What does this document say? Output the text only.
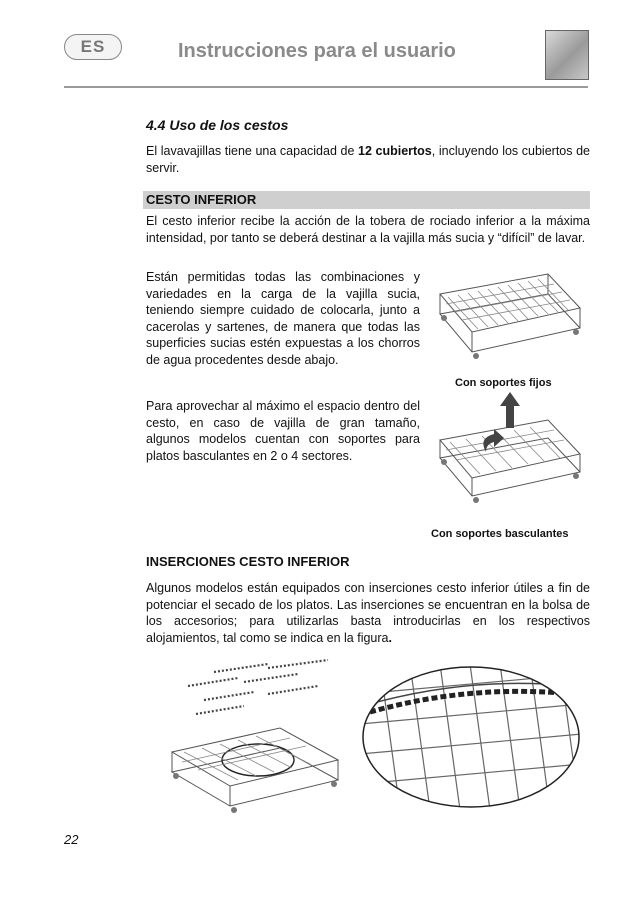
ES	Instrucciones para el usuario
4.4 Uso de los cestos
El lavavajillas tiene una capacidad de 12 cubiertos, incluyendo los cubiertos de servir.
CESTO INFERIOR
El cesto inferior recibe la acción de la tobera de rociado inferior a la máxima intensidad, por tanto se deberá destinar a la vajilla más sucia y “difícil” de lavar.
Están permitidas todas las combinaciones y variedades en la carga de la vajilla sucia, teniendo siempre cuidado de colocarla, junto a cacerolas y sartenes, de manera que todas las superficies sucias estén expuestas a los chorros de agua procedentes desde abajo.
Con soportes fijos
Para aprovechar al máximo el espacio dentro del cesto, en caso de vajilla de gran tamaño, algunos modelos cuentan con soportes para platos basculantes en 2 o 4 sectores.
Con soportes basculantes
INSERCIONES CESTO INFERIOR
Algunos modelos están equipados con inserciones cesto inferior útiles a fin de potenciar el secado de los platos. Las inserciones se encuentran en la bolsa de los accesorios; para utilizarlas basta introducirlas en los respectivos alojamientos, tal como se indica en la figura.
22
